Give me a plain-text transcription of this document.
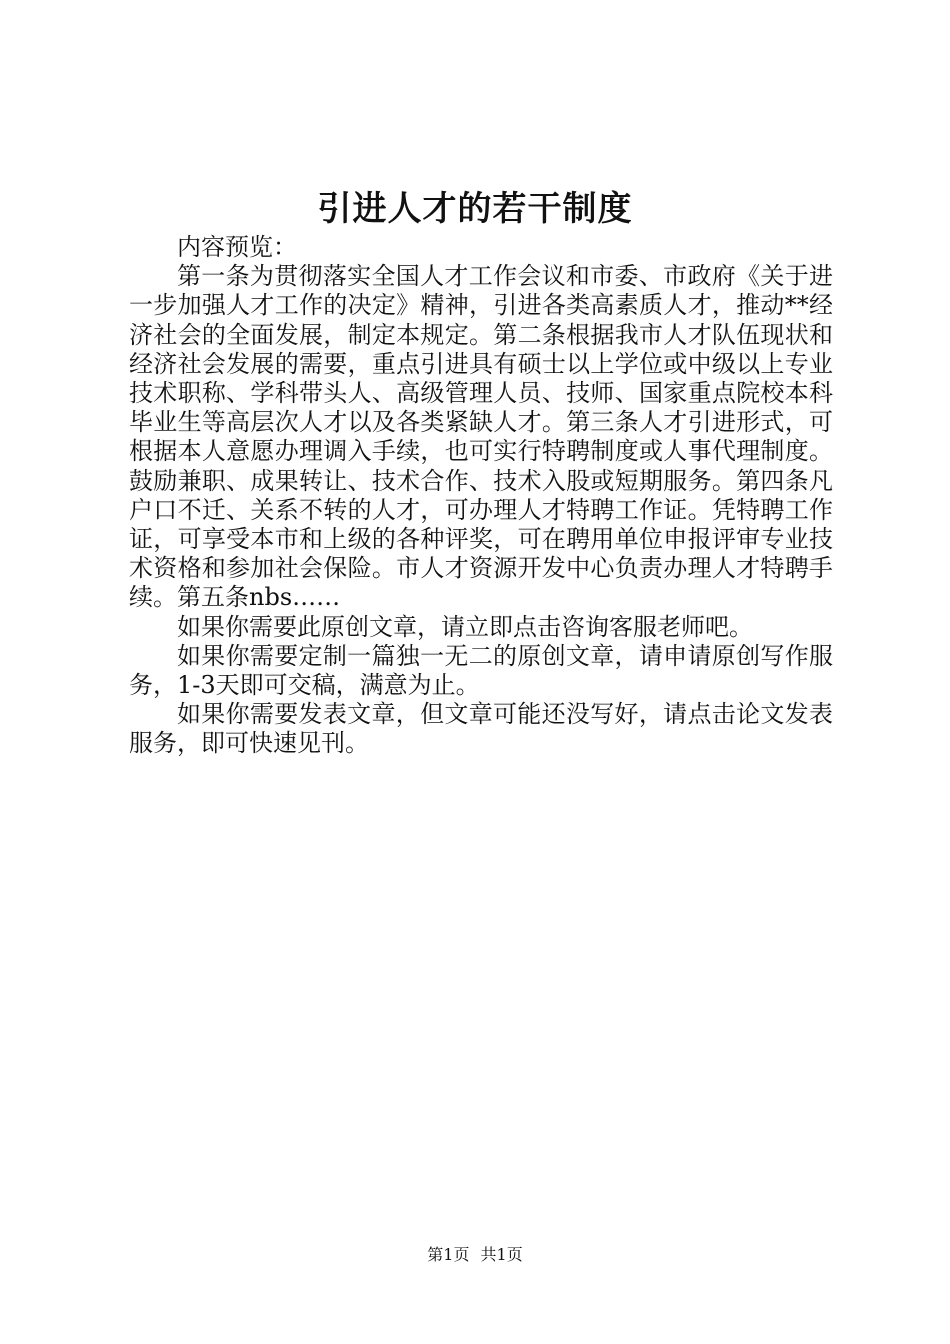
引进人才的若干制度

内容预览：

第一条为贯彻落实全国人才工作会议和市委、市政府《关于进一步加强人才工作的决定》精神，引进各类高素质人才，推动**经济社会的全面发展，制定本规定。第二条根据我市人才队伍现状和经济社会发展的需要，重点引进具有硕士以上学位或中级以上专业技术职称、学科带头人、高级管理人员、技师、国家重点院校本科毕业生等高层次人才以及各类紧缺人才。第三条人才引进形式，可根据本人意愿办理调入手续，也可实行特聘制度或人事代理制度。鼓励兼职、成果转让、技术合作、技术入股或短期服务。第四条凡户口不迁、关系不转的人才，可办理人才特聘工作证。凭特聘工作证，可享受本市和上级的各种评奖，可在聘用单位申报评审专业技术资格和参加社会保险。市人才资源开发中心负责办理人才特聘手续。第五条nbs……

如果你需要此原创文章，请立即点击咨询客服老师吧。

如果你需要定制一篇独一无二的原创文章，请申请原创写作服务，1-3天即可交稿，满意为止。

如果你需要发表文章，但文章可能还没写好，请点击论文发表服务，即可快速见刊。

第1页 共1页
